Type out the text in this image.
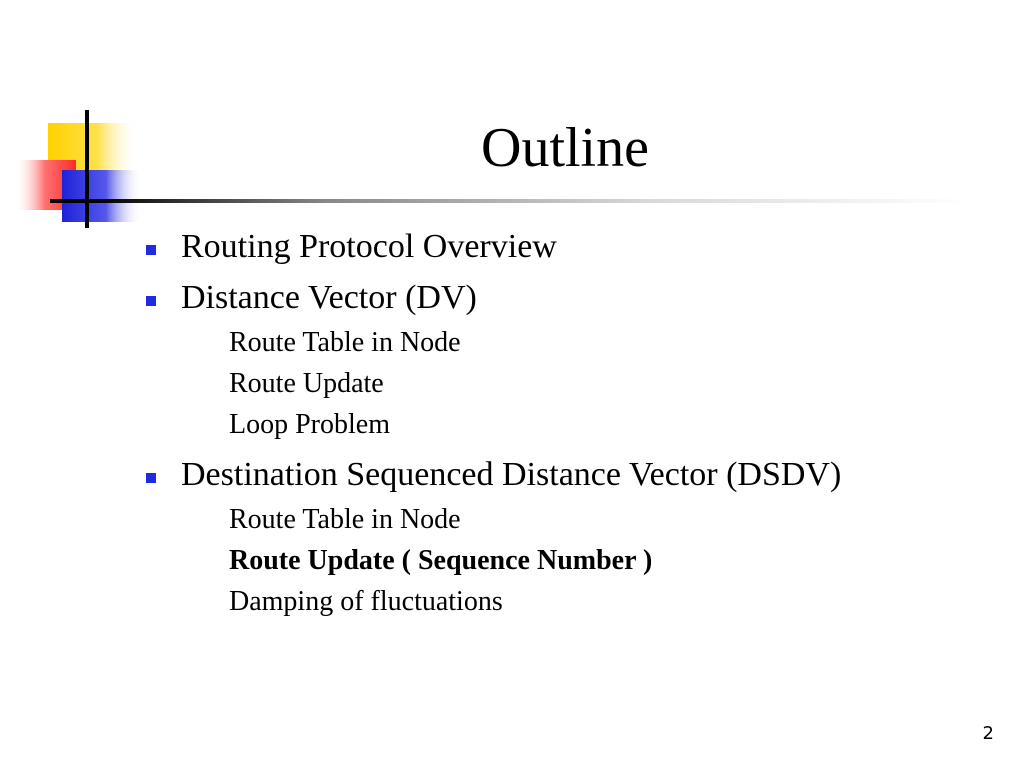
Outline
Routing Protocol Overview
Distance Vector (DV)
Route Table in Node
Route Update
Loop Problem
Destination Sequenced Distance Vector (DSDV)
Route Table in Node
Route Update ( Sequence Number )
Damping of fluctuations
2
